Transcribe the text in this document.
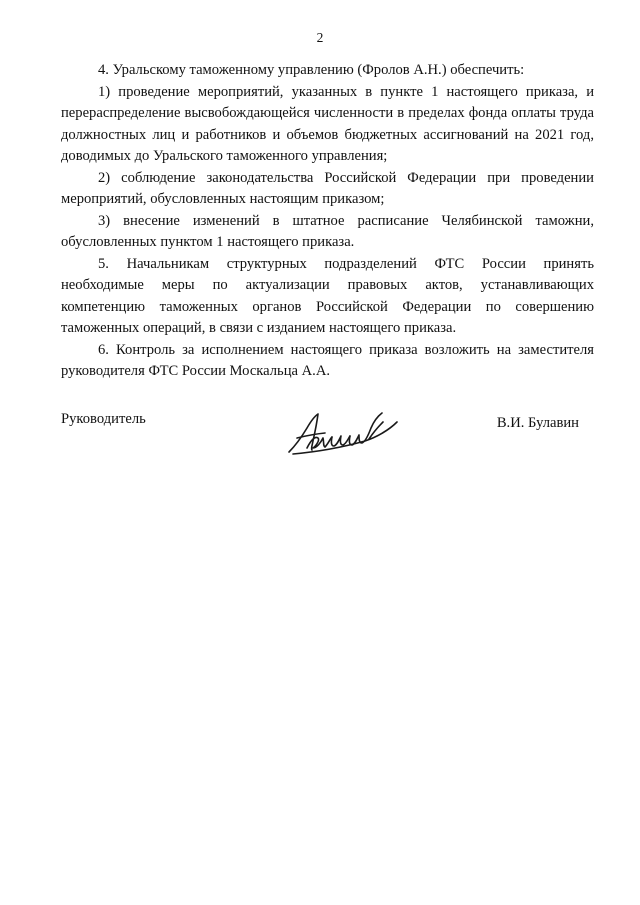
2

4. Уральскому таможенному управлению (Фролов А.Н.) обеспечить:

1) проведение мероприятий, указанных в пункте 1 настоящего приказа, и перераспределение высвобождающейся численности в пределах фонда оплаты труда должностных лиц и работников и объемов бюджетных ассигнований на 2021 год, доводимых до Уральского таможенного управления;

2) соблюдение законодательства Российской Федерации при проведении мероприятий, обусловленных настоящим приказом;

3) внесение изменений в штатное расписание Челябинской таможни, обусловленных пунктом 1 настоящего приказа.

5. Начальникам структурных подразделений ФТС России принять необходимые меры по актуализации правовых актов, устанавливающих компетенцию таможенных органов Российской Федерации по совершению таможенных операций, в связи с изданием настоящего приказа.

6. Контроль за исполнением настоящего приказа возложить на заместителя руководителя ФТС России Москальца А.А.

Руководитель	В.И. Булавин
